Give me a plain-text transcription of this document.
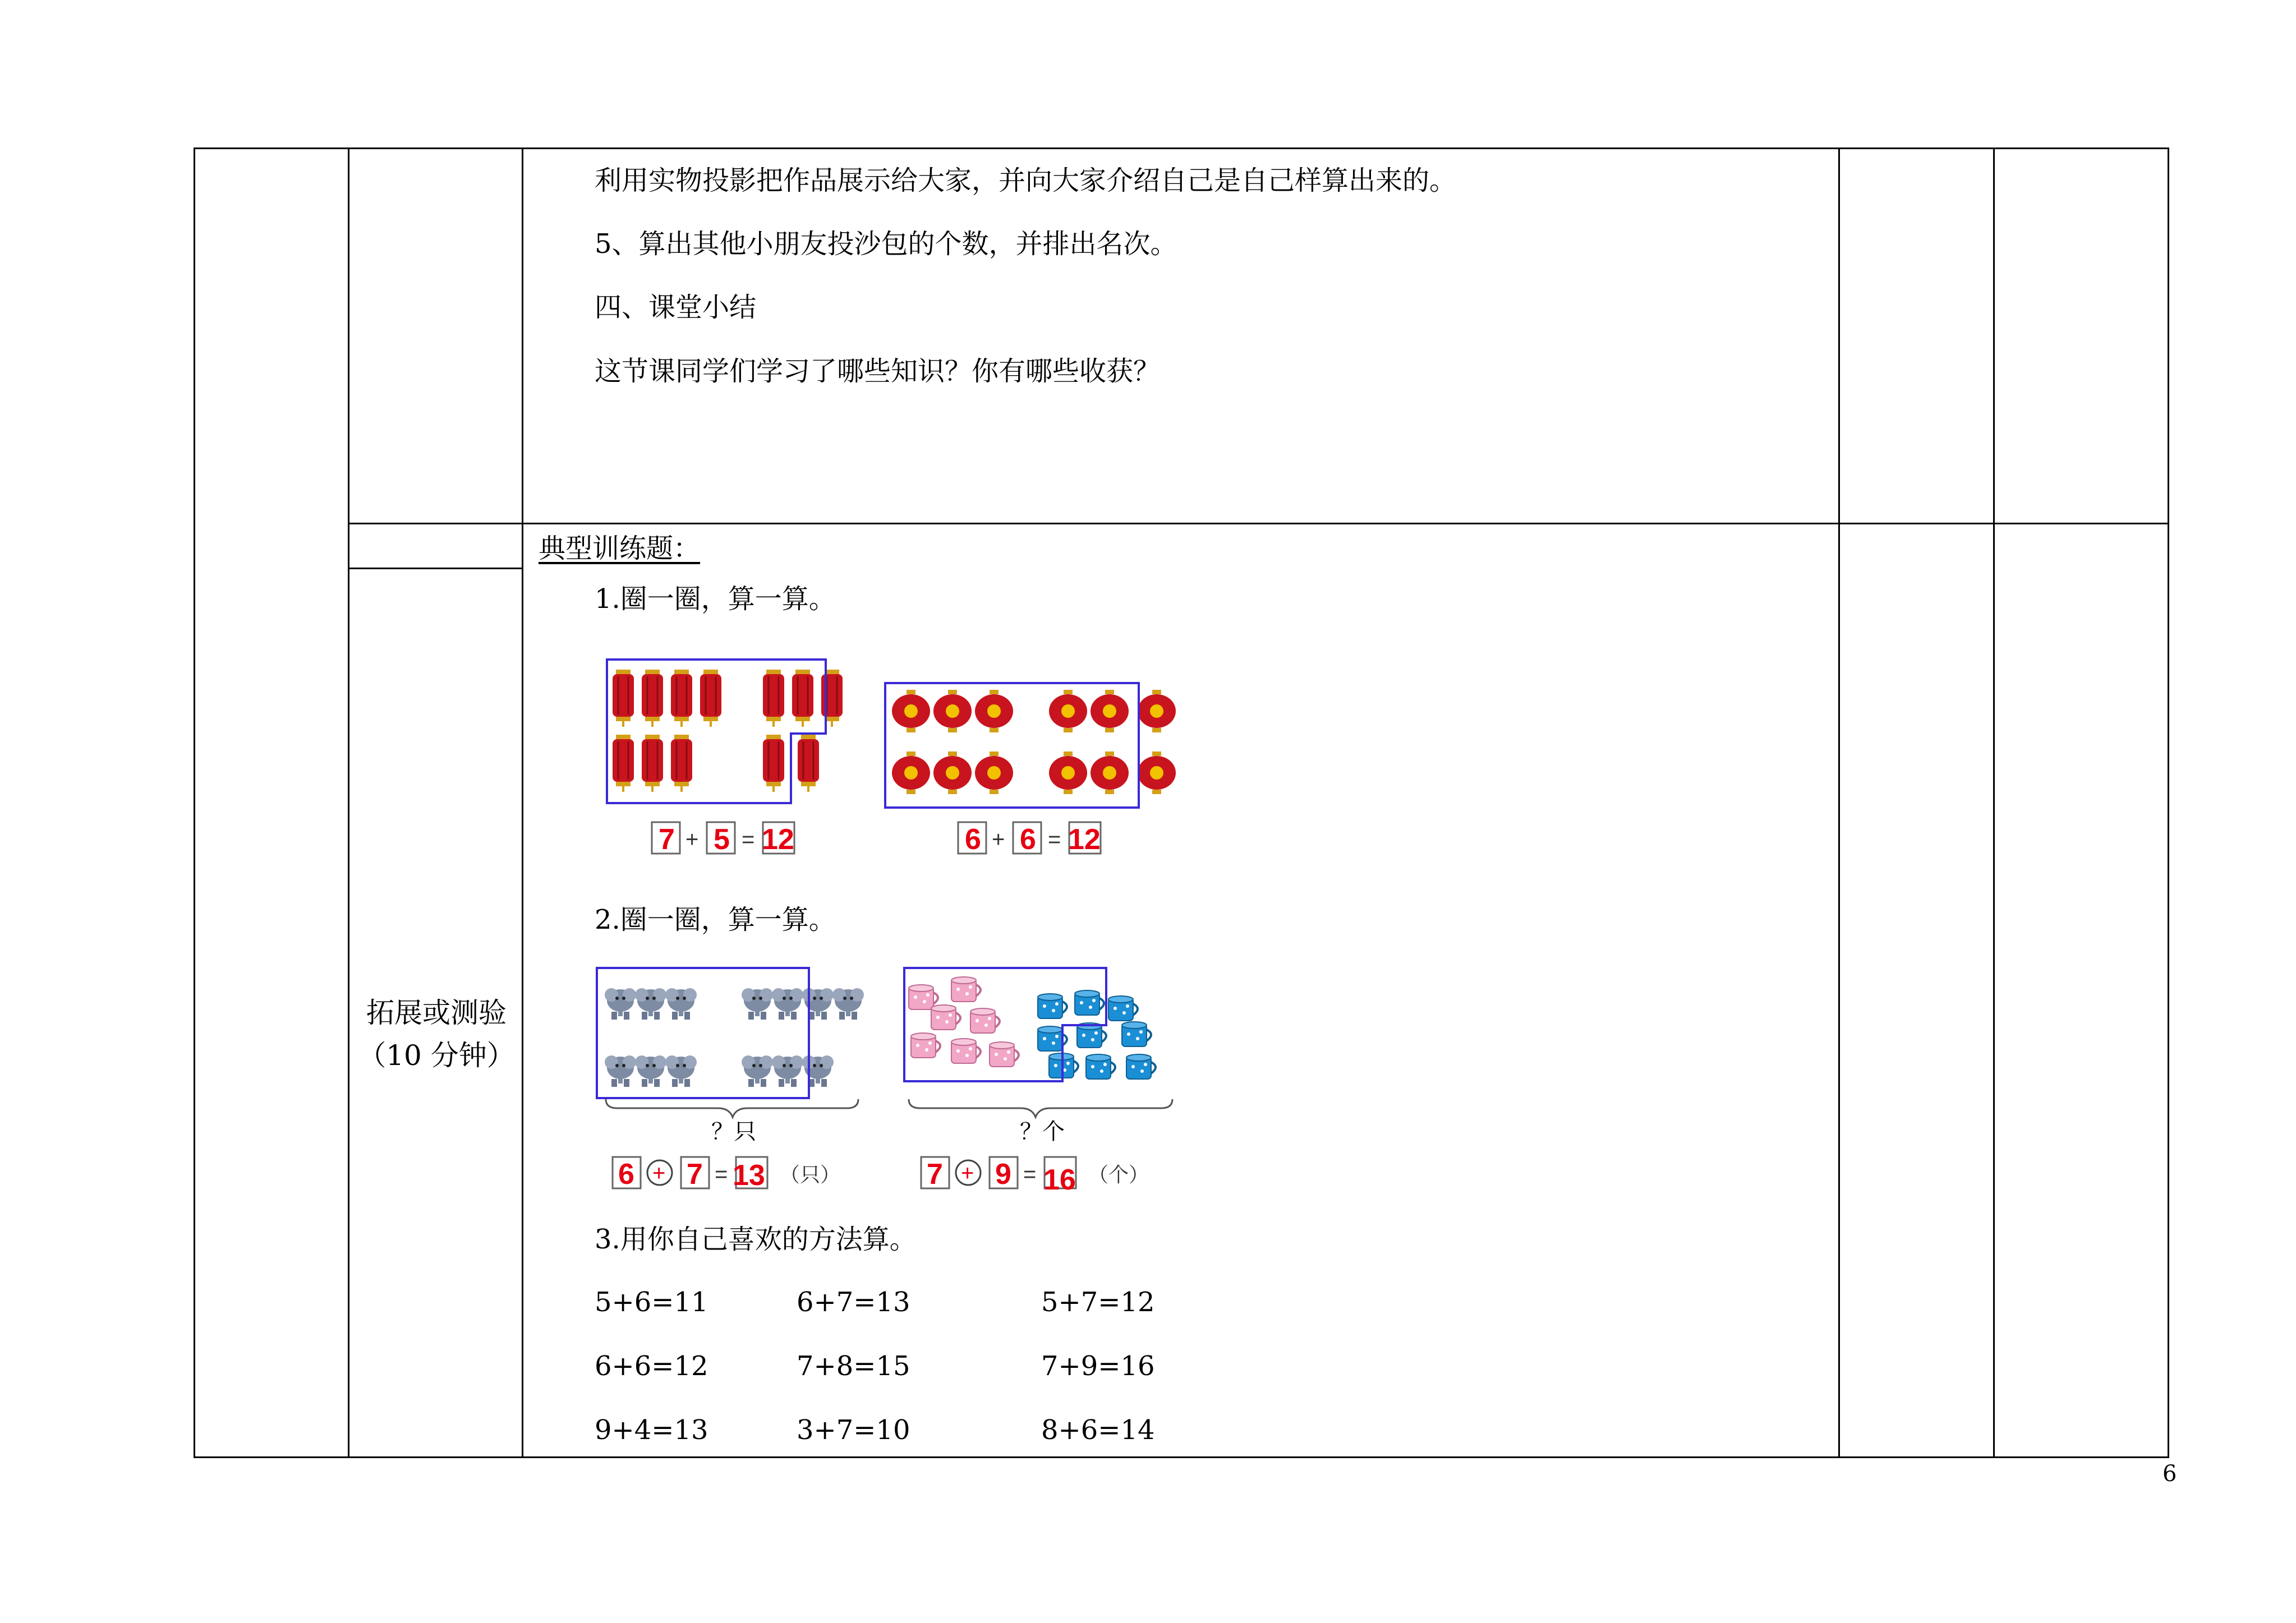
利用实物投影把作品展示给大家，并向大家介绍自己是自己样算出来的。
5、算出其他小朋友投沙包的个数，并排出名次。
四、课堂小结
这节课同学们学习了哪些知识？你有哪些收获？
拓展或测验
（10 分钟）
典型训练题：
1.圈一圈，算一算。
7 + 5 = 12	6 + 6 = 12
2.圈一圈，算一算。
？只
6 + 7 = 13 （只）
？个
7 + 9 = 16 （个）
3.用你自己喜欢的方法算。
5+6=11	6+7=13	5+7=12
6+6=12	7+8=15	7+9=16
9+4=13	3+7=10	8+6=14
6
